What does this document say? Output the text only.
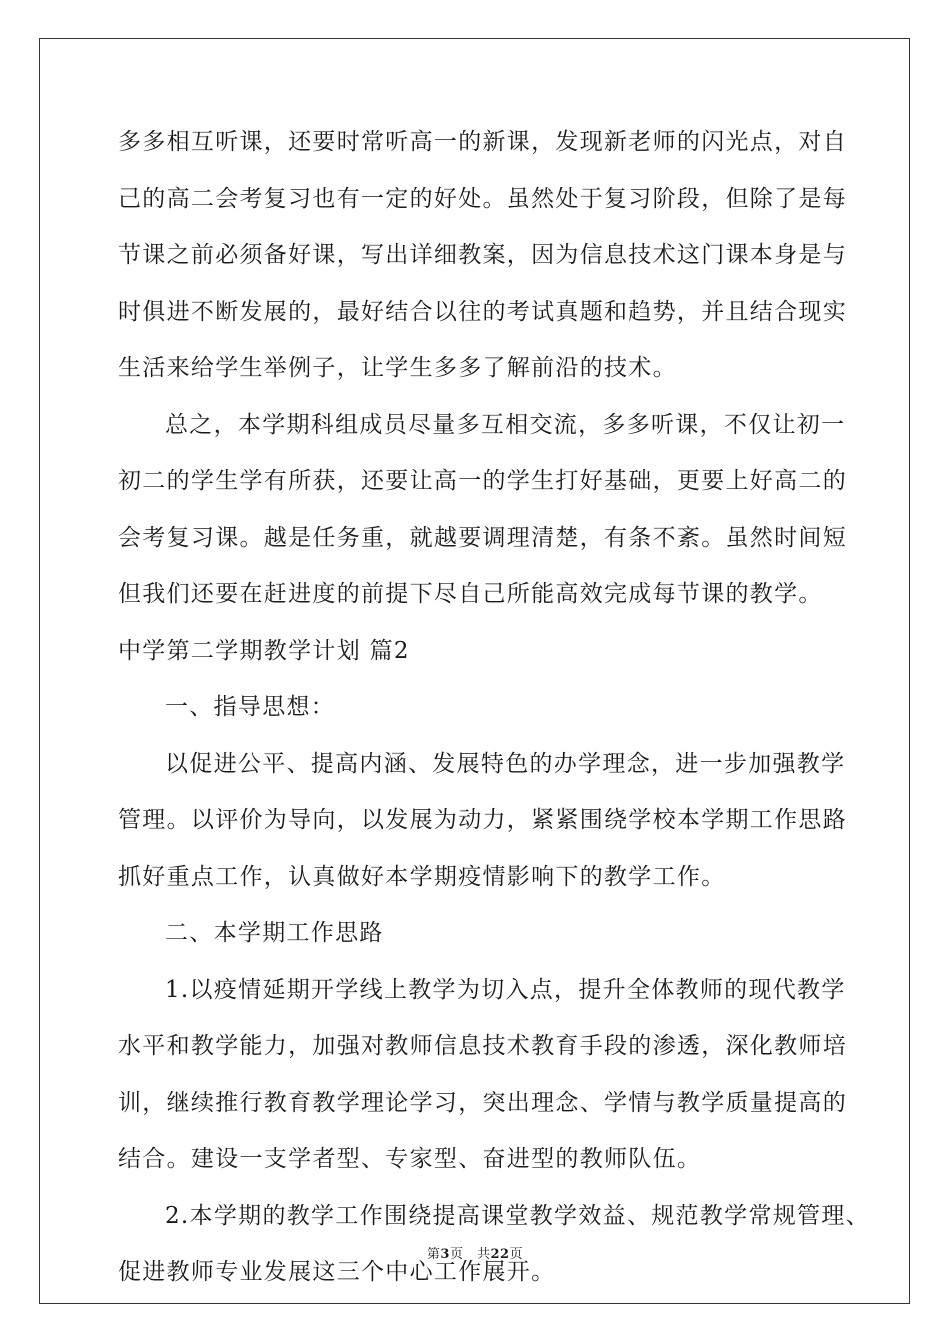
多多相互听课，还要时常听高一的新课，发现新老师的闪光点，对自
己的高二会考复习也有一定的好处。虽然处于复习阶段，但除了是每
节课之前必须备好课，写出详细教案，因为信息技术这门课本身是与
时俱进不断发展的，最好结合以往的考试真题和趋势，并且结合现实
生活来给学生举例子，让学生多多了解前沿的技术。
总之，本学期科组成员尽量多互相交流，多多听课，不仅让初一
初二的学生学有所获，还要让高一的学生打好基础，更要上好高二的
会考复习课。越是任务重，就越要调理清楚，有条不紊。虽然时间短
但我们还要在赶进度的前提下尽自己所能高效完成每节课的教学。
中学第二学期教学计划 篇2
一、指导思想：
以促进公平、提高内涵、发展特色的办学理念，进一步加强教学
管理。以评价为导向，以发展为动力，紧紧围绕学校本学期工作思路
抓好重点工作，认真做好本学期疫情影响下的教学工作。
二、本学期工作思路
1.以疫情延期开学线上教学为切入点，提升全体教师的现代教学
水平和教学能力，加强对教师信息技术教育手段的渗透，深化教师培
训，继续推行教育教学理论学习，突出理念、学情与教学质量提高的
结合。建设一支学者型、专家型、奋进型的教师队伍。
2.本学期的教学工作围绕提高课堂教学效益、规范教学常规管理、
促进教师专业发展这三个中心工作展开。
第3页　共22页
